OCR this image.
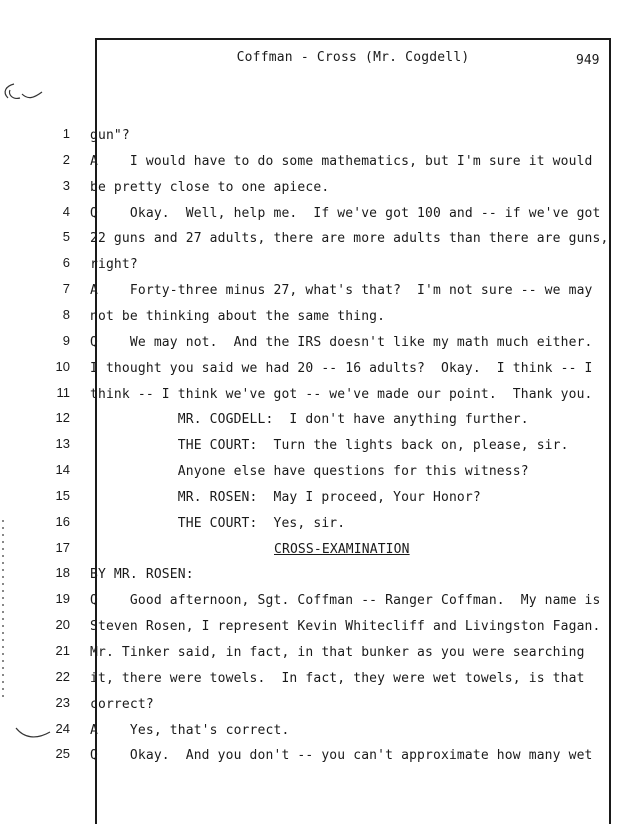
Coffman - Cross (Mr. Cogdell)	949
1 gun"?
2 A    I would have to do some mathematics, but I'm sure it would
3 be pretty close to one apiece.
4 Q    Okay.  Well, help me.  If we've got 100 and -- if we've got
5 22 guns and 27 adults, there are more adults than there are guns,
6 right?
7 A    Forty-three minus 27, what's that?  I'm not sure -- we may
8 not be thinking about the same thing.
9 Q    We may not.  And the IRS doesn't like my math much either.
10 I thought you said we had 20 -- 16 adults?  Okay.  I think -- I
11 think -- I think we've got -- we've made our point.  Thank you.
12 MR. COGDELL:  I don't have anything further.
13 THE COURT:  Turn the lights back on, please, sir.
14 Anyone else have questions for this witness?
15 MR. ROSEN:  May I proceed, Your Honor?
16 THE COURT:  Yes, sir.
17	CROSS-EXAMINATION
18 BY MR. ROSEN:
19 Q    Good afternoon, Sgt. Coffman -- Ranger Coffman.  My name is
20 Steven Rosen, I represent Kevin Whitecliff and Livingston Fagan.
21 Mr. Tinker said, in fact, in that bunker as you were searching
22 it, there were towels.  In fact, they were wet towels, is that
23 correct?
24 A    Yes, that's correct.
25 Q    Okay.  And you don't -- you can't approximate how many wet
